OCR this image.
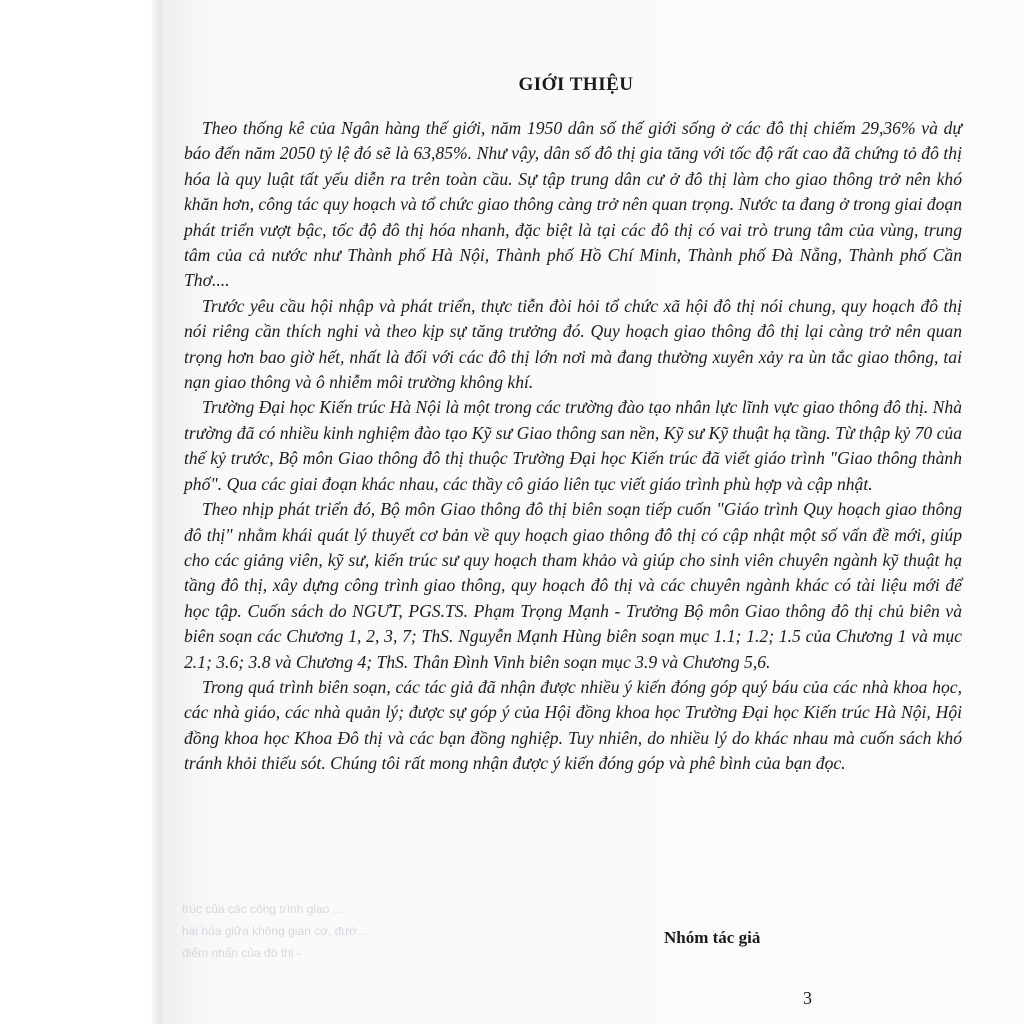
GIỚI THIỆU

Theo thống kê của Ngân hàng thế giới, năm 1950 dân số thế giới sống ở các đô thị chiếm 29,36% và dự báo đến năm 2050 tỷ lệ đó sẽ là 63,85%. Như vậy, dân số đô thị gia tăng với tốc độ rất cao đã chứng tỏ đô thị hóa là quy luật tất yếu diễn ra trên toàn cầu. Sự tập trung dân cư ở đô thị làm cho giao thông trở nên khó khăn hơn, công tác quy hoạch và tổ chức giao thông càng trở nên quan trọng. Nước ta đang ở trong giai đoạn phát triển vượt bậc, tốc độ đô thị hóa nhanh, đặc biệt là tại các đô thị có vai trò trung tâm của vùng, trung tâm của cả nước như Thành phố Hà Nội, Thành phố Hồ Chí Minh, Thành phố Đà Nẵng, Thành phố Cần Thơ....

Trước yêu cầu hội nhập và phát triển, thực tiễn đòi hỏi tổ chức xã hội đô thị nói chung, quy hoạch đô thị nói riêng cần thích nghi và theo kịp sự tăng trưởng đó. Quy hoạch giao thông đô thị lại càng trở nên quan trọng hơn bao giờ hết, nhất là đối với các đô thị lớn nơi mà đang thường xuyên xảy ra ùn tắc giao thông, tai nạn giao thông và ô nhiễm môi trường không khí.

Trường Đại học Kiến trúc Hà Nội là một trong các trường đào tạo nhân lực lĩnh vực giao thông đô thị. Nhà trường đã có nhiều kinh nghiệm đào tạo Kỹ sư Giao thông san nền, Kỹ sư Kỹ thuật hạ tầng. Từ thập kỷ 70 của thế kỷ trước, Bộ môn Giao thông đô thị thuộc Trường Đại học Kiến trúc đã viết giáo trình "Giao thông thành phố". Qua các giai đoạn khác nhau, các thầy cô giáo liên tục viết giáo trình phù hợp và cập nhật.

Theo nhịp phát triển đó, Bộ môn Giao thông đô thị biên soạn tiếp cuốn "Giáo trình Quy hoạch giao thông đô thị" nhằm khái quát lý thuyết cơ bản về quy hoạch giao thông đô thị có cập nhật một số vấn đề mới, giúp cho các giảng viên, kỹ sư, kiến trúc sư quy hoạch tham khảo và giúp cho sinh viên chuyên ngành kỹ thuật hạ tầng đô thị, xây dựng công trình giao thông, quy hoạch đô thị và các chuyên ngành khác có tài liệu mới để học tập. Cuốn sách do NGƯT, PGS.TS. Phạm Trọng Mạnh - Trưởng Bộ môn Giao thông đô thị chủ biên và biên soạn các Chương 1, 2, 3, 7; ThS. Nguyễn Mạnh Hùng biên soạn mục 1.1; 1.2; 1.5 của Chương 1 và mục 2.1; 3.6; 3.8 và Chương 4; ThS. Thân Đình Vinh biên soạn mục 3.9 và Chương 5,6.

Trong quá trình biên soạn, các tác giả đã nhận được nhiều ý kiến đóng góp quý báu của các nhà khoa học, các nhà giáo, các nhà quản lý; được sự góp ý của Hội đồng khoa học Trường Đại học Kiến trúc Hà Nội, Hội đồng khoa học Khoa Đô thị và các bạn đồng nghiệp. Tuy nhiên, do nhiều lý do khác nhau mà cuốn sách khó tránh khỏi thiếu sót. Chúng tôi rất mong nhận được ý kiến đóng góp và phê bình của bạn đọc.

trúc của các công trình giao ...
hài hòa giữa không gian cơ, đườ...
điểm nhấn của đô thị -
Nhóm tác giả
3
